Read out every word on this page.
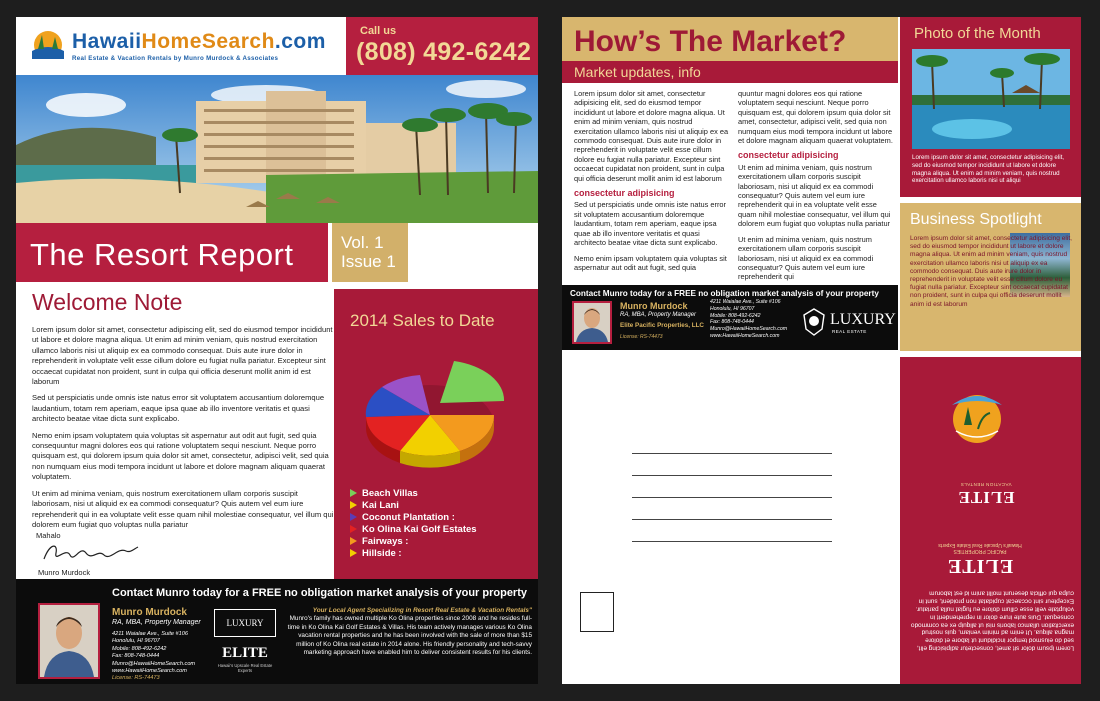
HawaiiHomeSearch.com
Real Estate & Vacation Rentals by Munro Murdock & Associates
Call us
(808) 492-6242
The Resort Report	Vol. 1
Issue 1
Welcome Note

Lorem ipsum dolor sit amet, consectetur adipiscing elit, sed do eiusmod tempor incididunt ut labore et dolore magna aliqua. Ut enim ad minim veniam, quis nostrud exercitation ullamco laboris nisi ut aliquip ex ea commodo consequat. Duis aute irure dolor in reprehenderit in voluptate velit esse cillum dolore eu fugiat nulla pariatur. Excepteur sint occaecat cupidatat non proident, sunt in culpa qui officia deserunt mollit anim id est laborum

Sed ut perspiciatis unde omnis iste natus error sit voluptatem accusantium doloremque laudantium, totam rem aperiam, eaque ipsa quae ab illo inventore veritatis et quasi architecto beatae vitae dicta sunt explicabo.

Nemo enim ipsam voluptatem quia voluptas sit aspernatur aut odit aut fugit, sed quia consequuntur magni dolores eos qui ratione voluptatem sequi nesciunt. Neque porro quisquam est, qui dolorem ipsum quia dolor sit amet, consectetur, adipisci velit, sed quia non numquam eius modi tempora incidunt ut labore et dolore magnam aliquam quaerat voluptatem.

Ut enim ad minima veniam, quis nostrum exercitationem ullam corporis suscipit laboriosam, nisi ut aliquid ex ea commodi consequatur? Quis autem vel eum iure reprehenderit qui in ea voluptate velit esse quam nihil molestiae consequatur, vel illum qui dolorem eum fugiat quo voluptas nulla pariatur

Mahalo
Munro Murdock
2014 Sales to Date
Beach Villas
Kai Lani
Coconut Plantation :
Ko Olina Kai Golf Estates
Fairways :
Hillside :
Contact Munro today for a FREE no obligation market analysis of your property
Munro Murdock
RA, MBA, Property Manager
4211 Waialae Ave., Suite #106
Honolulu, HI 96707
Mobile: 808-492-6242
Fax: 808-748-0444
Munro@HawaiiHomeSearch.com
www.HawaiiHomeSearch.com
License: RS-74473
LUXURY
ELITE
Hawaii's Upscale Real Estate Experts
Your Local Agent Specializing in Resort Real Estate & Vacation Rentals"
Munro's family has owned multiple Ko Olina properties since 2008 and he resides full-time in Ko Olina Kai Golf Estates & Villas. His team actively manages various Ko Olina vacation rental properties and he has been involved with the sale of more than $15 million of Ko Olina real estate in 2014 alone. His friendly personality and tech-savvy marketing approach have enabled him to deliver consistent results for his clients.
How’s The Market?
Market updates, info

Lorem ipsum dolor sit amet, consectetur adipisicing elit, sed do eiusmod tempor incididunt ut labore et dolore magna aliqua. Ut enim ad minim veniam, quis nostrud exercitation ullamco laboris nisi ut aliquip ex ea commodo consequat. Duis aute irure dolor in reprehenderit in voluptate velit esse cillum dolore eu fugiat nulla pariatur. Excepteur sint occaecat cupidatat non proident, sunt in culpa qui officia deserunt mollit anim id est laborum

consectetur adipisicing

Sed ut perspiciatis unde omnis iste natus error sit voluptatem accusantium doloremque laudantium, totam rem aperiam, eaque ipsa quae ab illo inventore veritatis et quasi architecto beatae vitae dicta sunt explicabo.

Nemo enim ipsam voluptatem quia voluptas sit aspernatur aut odit aut fugit, sed quia

quuntur magni dolores eos qui ratione voluptatem sequi nesciunt. Neque porro quisquam est, qui dolorem ipsum quia dolor sit amet, consectetur, adipisci velit, sed quia non numquam eius modi tempora incidunt ut labore et dolore magnam aliquam quaerat voluptatem.

consectetur adipisicing

Ut enim ad minima veniam, quis nostrum exercitationem ullam corporis suscipit laboriosam, nisi ut aliquid ex ea commodi consequatur? Quis autem vel eum iure reprehenderit qui in ea voluptate velit esse quam nihil molestiae consequatur, vel illum qui dolorem eum fugiat quo voluptas nulla pariatur

Ut enim ad minima veniam, quis nostrum exercitationem ullam corporis suscipit laboriosam, nisi ut aliquid ex ea commodi consequatur? Quis autem vel eum iure reprehenderit qui

Contact Munro today for a FREE no obligation market analysis of your property
Munro Murdock
RA, MBA, Property Manager
Elite Pacific Properties, LLC
License: RS-74473
4211 Waialae Ave., Suite #106
Honolulu, HI 96707
Mobile: 808-492-6242
Fax: 808-748-0444
Munro@HawaiiHomeSearch.com
www.HawaiiHomeSearch.com
LUXURY
REAL ESTATE
Photo of the Month
Lorem ipsum dolor sit amet, consectetur adipisicing elit, sed do eiusmod tempor incididunt ut labore et dolore magna aliqua. Ut enim ad minim veniam, quis nostrud exercitation ullamco laboris nisi ut aliqui
Business Spotlight
Lorem ipsum dolor sit amet, consectetur adipisicing elit, sed do eiusmod tempor incididunt ut labore et dolore magna aliqua. Ut enim ad minim veniam, quis nostrud exercitation ullamco laboris nisi ut aliquip ex ea commodo consequat. Duis aute irure dolor in reprehenderit in voluptate velit esse cillum dolore eu fugiat nulla pariatur. Excepteur sint occaecat cupidatat non proident, sunt in culpa qui officia deserunt mollit anim id est laborum
ELITE
VACATION RENTALS
ELITE
PACIFIC PROPERTIES
Hawaii's Upscale Real Estate Experts
Lorem ipsum dolor sit amet, consectetur adipisicing elit, sed do eiusmod tempor incididunt ut labore et dolore magna aliqua. Ut enim ad minim veniam, quis nostrud exercitation ullamco laboris nisi ut aliquip ex ea commodo consequat. Duis aute irure dolor in reprehenderit in voluptate velit esse cillum dolore eu fugiat nulla pariatur. Excepteur sint occaecat cupidatat non proident, sunt in culpa qui officia deserunt mollit anim id est laborum
